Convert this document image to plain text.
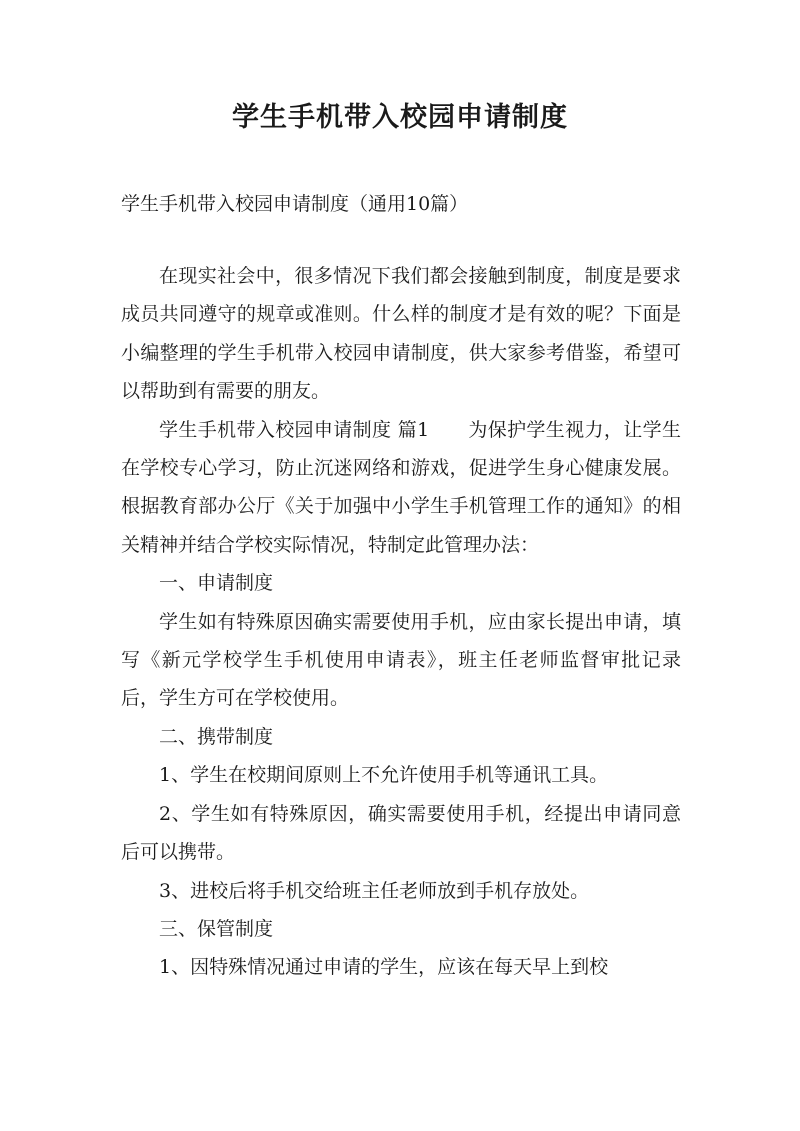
学生手机带入校园申请制度
学生手机带入校园申请制度（通用10篇）

在现实社会中，很多情况下我们都会接触到制度，制度是要求成员共同遵守的规章或准则。什么样的制度才是有效的呢？下面是小编整理的学生手机带入校园申请制度，供大家参考借鉴，希望可以帮助到有需要的朋友。

学生手机带入校园申请制度 篇1　　为保护学生视力，让学生在学校专心学习，防止沉迷网络和游戏，促进学生身心健康发展。根据教育部办公厅《关于加强中小学生手机管理工作的通知》的相关精神并结合学校实际情况，特制定此管理办法：

一、申请制度

学生如有特殊原因确实需要使用手机，应由家长提出申请，填写《新元学校学生手机使用申请表》，班主任老师监督审批记录后，学生方可在学校使用。

二、携带制度

1、学生在校期间原则上不允许使用手机等通讯工具。

2、学生如有特殊原因，确实需要使用手机，经提出申请同意后可以携带。

3、进校后将手机交给班主任老师放到手机存放处。

三、保管制度

1、因特殊情况通过申请的学生，应该在每天早上到校
